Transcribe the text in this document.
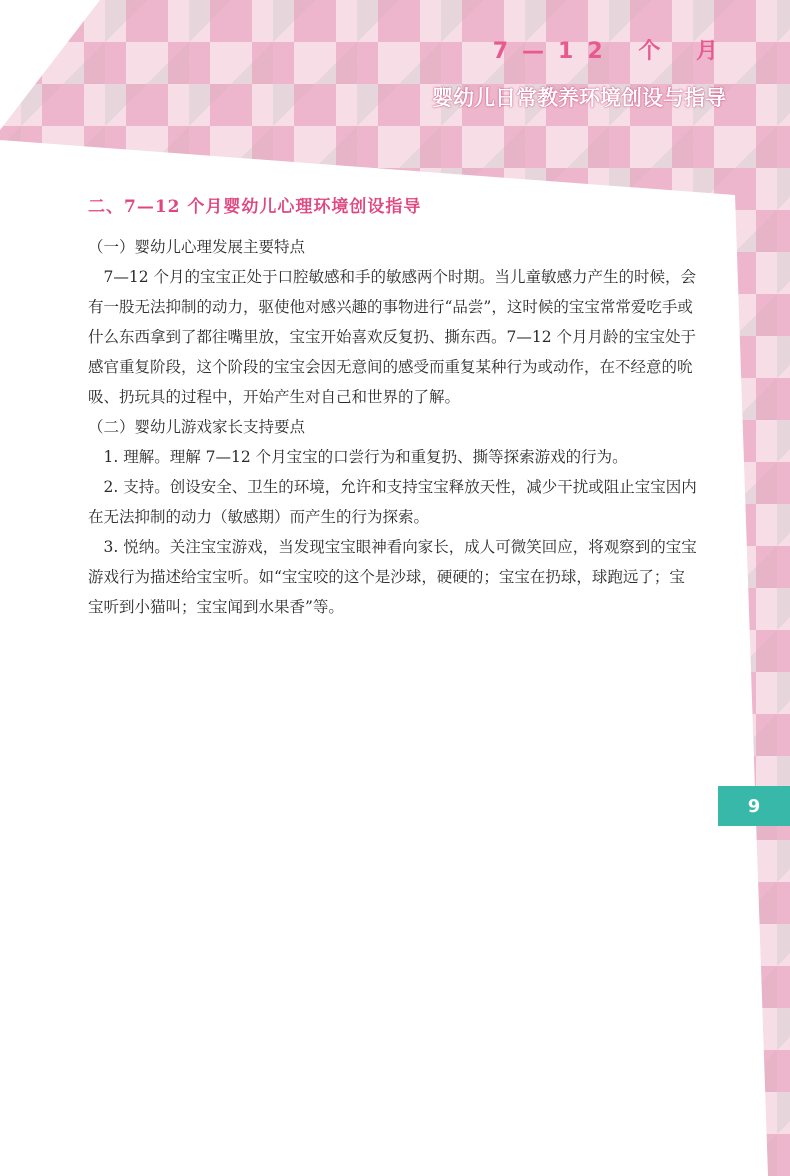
7—12 个 月
婴幼儿日常教养环境创设与指导

二、7—12 个月婴幼儿心理环境创设指导

（一）婴幼儿心理发展主要特点

7—12 个月的宝宝正处于口腔敏感和手的敏感两个时期。当儿童敏感力产生的时候，会有一股无法抑制的动力，驱使他对感兴趣的事物进行“品尝”，这时候的宝宝常常爱吃手或什么东西拿到了都往嘴里放，宝宝开始喜欢反复扔、撕东西。7—12 个月月龄的宝宝处于感官重复阶段，这个阶段的宝宝会因无意间的感受而重复某种行为或动作，在不经意的吮吸、扔玩具的过程中，开始产生对自己和世界的了解。

（二）婴幼儿游戏家长支持要点

1. 理解。理解 7—12 个月宝宝的口尝行为和重复扔、撕等探索游戏的行为。

2. 支持。创设安全、卫生的环境，允许和支持宝宝释放天性，减少干扰或阻止宝宝因内在无法抑制的动力（敏感期）而产生的行为探索。

3. 悦纳。关注宝宝游戏，当发现宝宝眼神看向家长，成人可微笑回应，将观察到的宝宝游戏行为描述给宝宝听。如“宝宝咬的这个是沙球，硬硬的；宝宝在扔球，球跑远了；宝宝听到小猫叫；宝宝闻到水果香”等。

9
